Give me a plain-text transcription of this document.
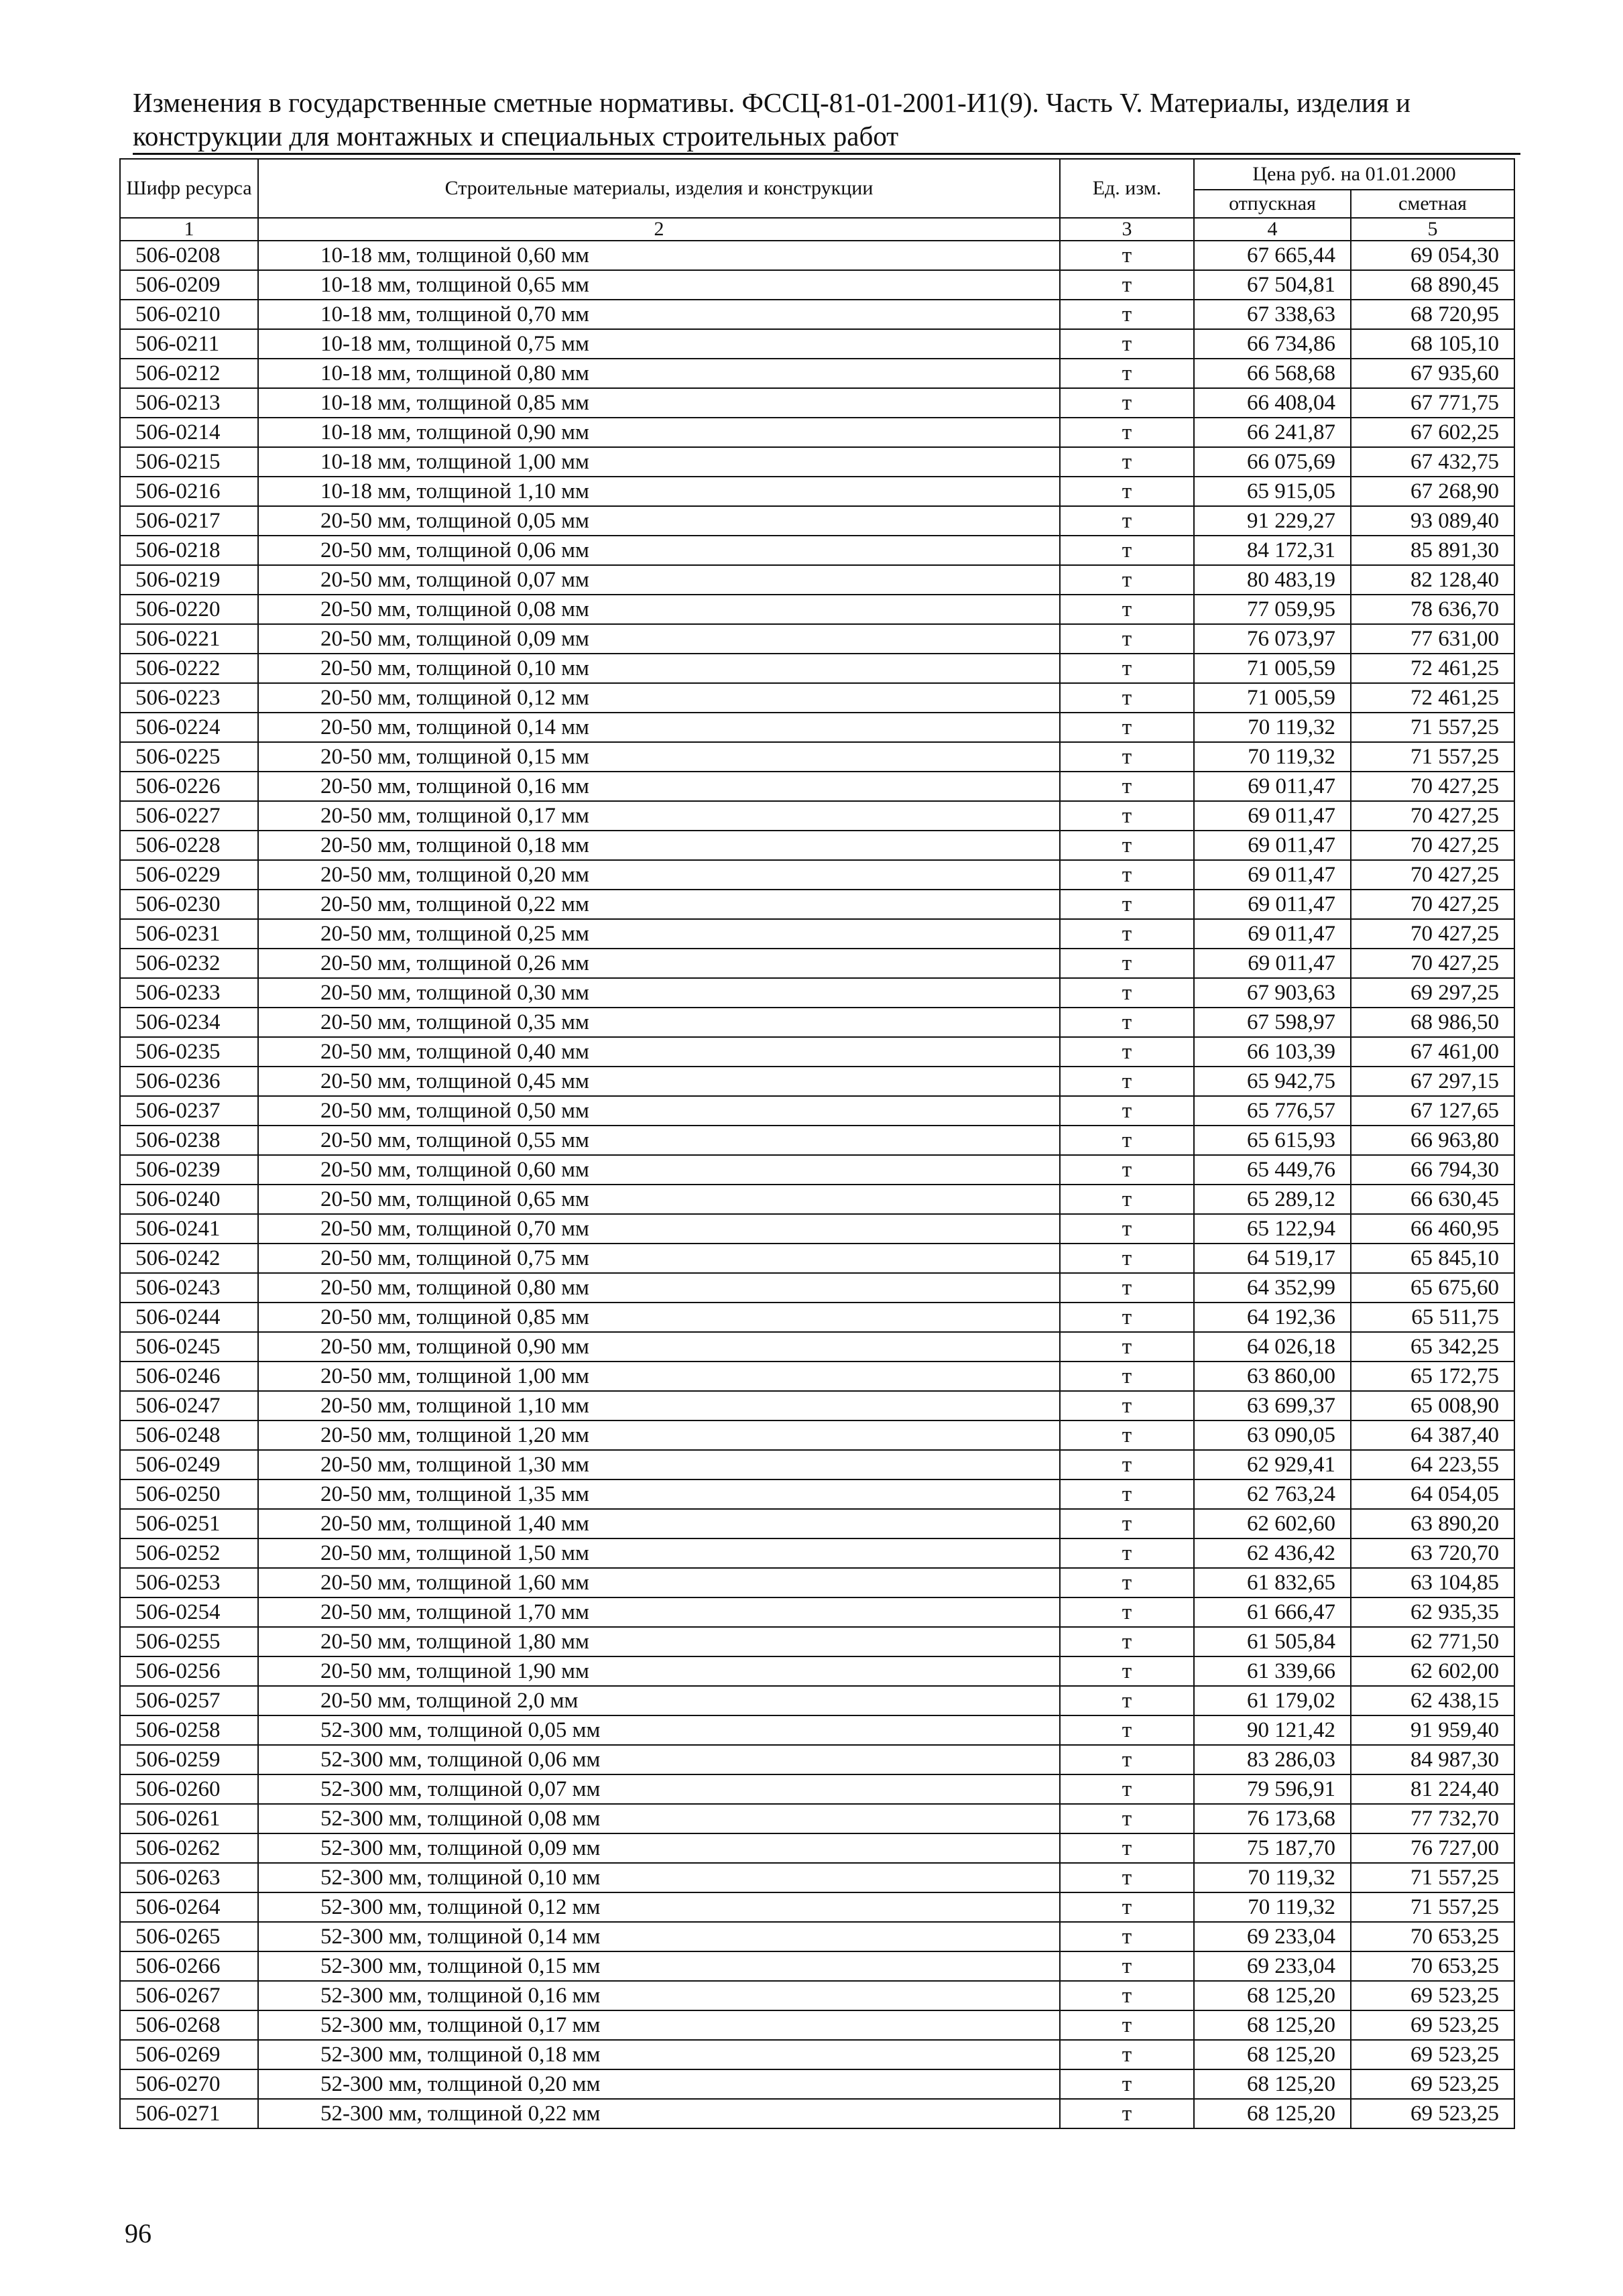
Изменения в государственные сметные нормативы. ФССЦ-81-01-2001-И1(9). Часть V. Материалы, изделия и
конструкции для монтажных и специальных строительных работ
Шифр ресурса	Строительные материалы, изделия и конструкции	Ед. изм.	Цена руб. на 01.01.2000	
			отпускная	сметная
1	2	3	4	5
506-0208	10-18 мм, толщиной 0,60 мм	т	67 665,44	69 054,30
506-0209	10-18 мм, толщиной 0,65 мм	т	67 504,81	68 890,45
506-0210	10-18 мм, толщиной 0,70 мм	т	67 338,63	68 720,95
506-0211	10-18 мм, толщиной 0,75 мм	т	66 734,86	68 105,10
506-0212	10-18 мм, толщиной 0,80 мм	т	66 568,68	67 935,60
506-0213	10-18 мм, толщиной 0,85 мм	т	66 408,04	67 771,75
506-0214	10-18 мм, толщиной 0,90 мм	т	66 241,87	67 602,25
506-0215	10-18 мм, толщиной 1,00 мм	т	66 075,69	67 432,75
506-0216	10-18 мм, толщиной 1,10 мм	т	65 915,05	67 268,90
506-0217	20-50 мм, толщиной 0,05 мм	т	91 229,27	93 089,40
506-0218	20-50 мм, толщиной 0,06 мм	т	84 172,31	85 891,30
506-0219	20-50 мм, толщиной 0,07 мм	т	80 483,19	82 128,40
506-0220	20-50 мм, толщиной 0,08 мм	т	77 059,95	78 636,70
506-0221	20-50 мм, толщиной 0,09 мм	т	76 073,97	77 631,00
506-0222	20-50 мм, толщиной 0,10 мм	т	71 005,59	72 461,25
506-0223	20-50 мм, толщиной 0,12 мм	т	71 005,59	72 461,25
506-0224	20-50 мм, толщиной 0,14 мм	т	70 119,32	71 557,25
506-0225	20-50 мм, толщиной 0,15 мм	т	70 119,32	71 557,25
506-0226	20-50 мм, толщиной 0,16 мм	т	69 011,47	70 427,25
506-0227	20-50 мм, толщиной 0,17 мм	т	69 011,47	70 427,25
506-0228	20-50 мм, толщиной 0,18 мм	т	69 011,47	70 427,25
506-0229	20-50 мм, толщиной 0,20 мм	т	69 011,47	70 427,25
506-0230	20-50 мм, толщиной 0,22 мм	т	69 011,47	70 427,25
506-0231	20-50 мм, толщиной 0,25 мм	т	69 011,47	70 427,25
506-0232	20-50 мм, толщиной 0,26 мм	т	69 011,47	70 427,25
506-0233	20-50 мм, толщиной 0,30 мм	т	67 903,63	69 297,25
506-0234	20-50 мм, толщиной 0,35 мм	т	67 598,97	68 986,50
506-0235	20-50 мм, толщиной 0,40 мм	т	66 103,39	67 461,00
506-0236	20-50 мм, толщиной 0,45 мм	т	65 942,75	67 297,15
506-0237	20-50 мм, толщиной 0,50 мм	т	65 776,57	67 127,65
506-0238	20-50 мм, толщиной 0,55 мм	т	65 615,93	66 963,80
506-0239	20-50 мм, толщиной 0,60 мм	т	65 449,76	66 794,30
506-0240	20-50 мм, толщиной 0,65 мм	т	65 289,12	66 630,45
506-0241	20-50 мм, толщиной 0,70 мм	т	65 122,94	66 460,95
506-0242	20-50 мм, толщиной 0,75 мм	т	64 519,17	65 845,10
506-0243	20-50 мм, толщиной 0,80 мм	т	64 352,99	65 675,60
506-0244	20-50 мм, толщиной 0,85 мм	т	64 192,36	65 511,75
506-0245	20-50 мм, толщиной 0,90 мм	т	64 026,18	65 342,25
506-0246	20-50 мм, толщиной 1,00 мм	т	63 860,00	65 172,75
506-0247	20-50 мм, толщиной 1,10 мм	т	63 699,37	65 008,90
506-0248	20-50 мм, толщиной 1,20 мм	т	63 090,05	64 387,40
506-0249	20-50 мм, толщиной 1,30 мм	т	62 929,41	64 223,55
506-0250	20-50 мм, толщиной 1,35 мм	т	62 763,24	64 054,05
506-0251	20-50 мм, толщиной 1,40 мм	т	62 602,60	63 890,20
506-0252	20-50 мм, толщиной 1,50 мм	т	62 436,42	63 720,70
506-0253	20-50 мм, толщиной 1,60 мм	т	61 832,65	63 104,85
506-0254	20-50 мм, толщиной 1,70 мм	т	61 666,47	62 935,35
506-0255	20-50 мм, толщиной 1,80 мм	т	61 505,84	62 771,50
506-0256	20-50 мм, толщиной 1,90 мм	т	61 339,66	62 602,00
506-0257	20-50 мм, толщиной 2,0 мм	т	61 179,02	62 438,15
506-0258	52-300 мм, толщиной 0,05 мм	т	90 121,42	91 959,40
506-0259	52-300 мм, толщиной 0,06 мм	т	83 286,03	84 987,30
506-0260	52-300 мм, толщиной 0,07 мм	т	79 596,91	81 224,40
506-0261	52-300 мм, толщиной 0,08 мм	т	76 173,68	77 732,70
506-0262	52-300 мм, толщиной 0,09 мм	т	75 187,70	76 727,00
506-0263	52-300 мм, толщиной 0,10 мм	т	70 119,32	71 557,25
506-0264	52-300 мм, толщиной 0,12 мм	т	70 119,32	71 557,25
506-0265	52-300 мм, толщиной 0,14 мм	т	69 233,04	70 653,25
506-0266	52-300 мм, толщиной 0,15 мм	т	69 233,04	70 653,25
506-0267	52-300 мм, толщиной 0,16 мм	т	68 125,20	69 523,25
506-0268	52-300 мм, толщиной 0,17 мм	т	68 125,20	69 523,25
506-0269	52-300 мм, толщиной 0,18 мм	т	68 125,20	69 523,25
506-0270	52-300 мм, толщиной 0,20 мм	т	68 125,20	69 523,25
506-0271	52-300 мм, толщиной 0,22 мм	т	68 125,20	69 523,25
96
